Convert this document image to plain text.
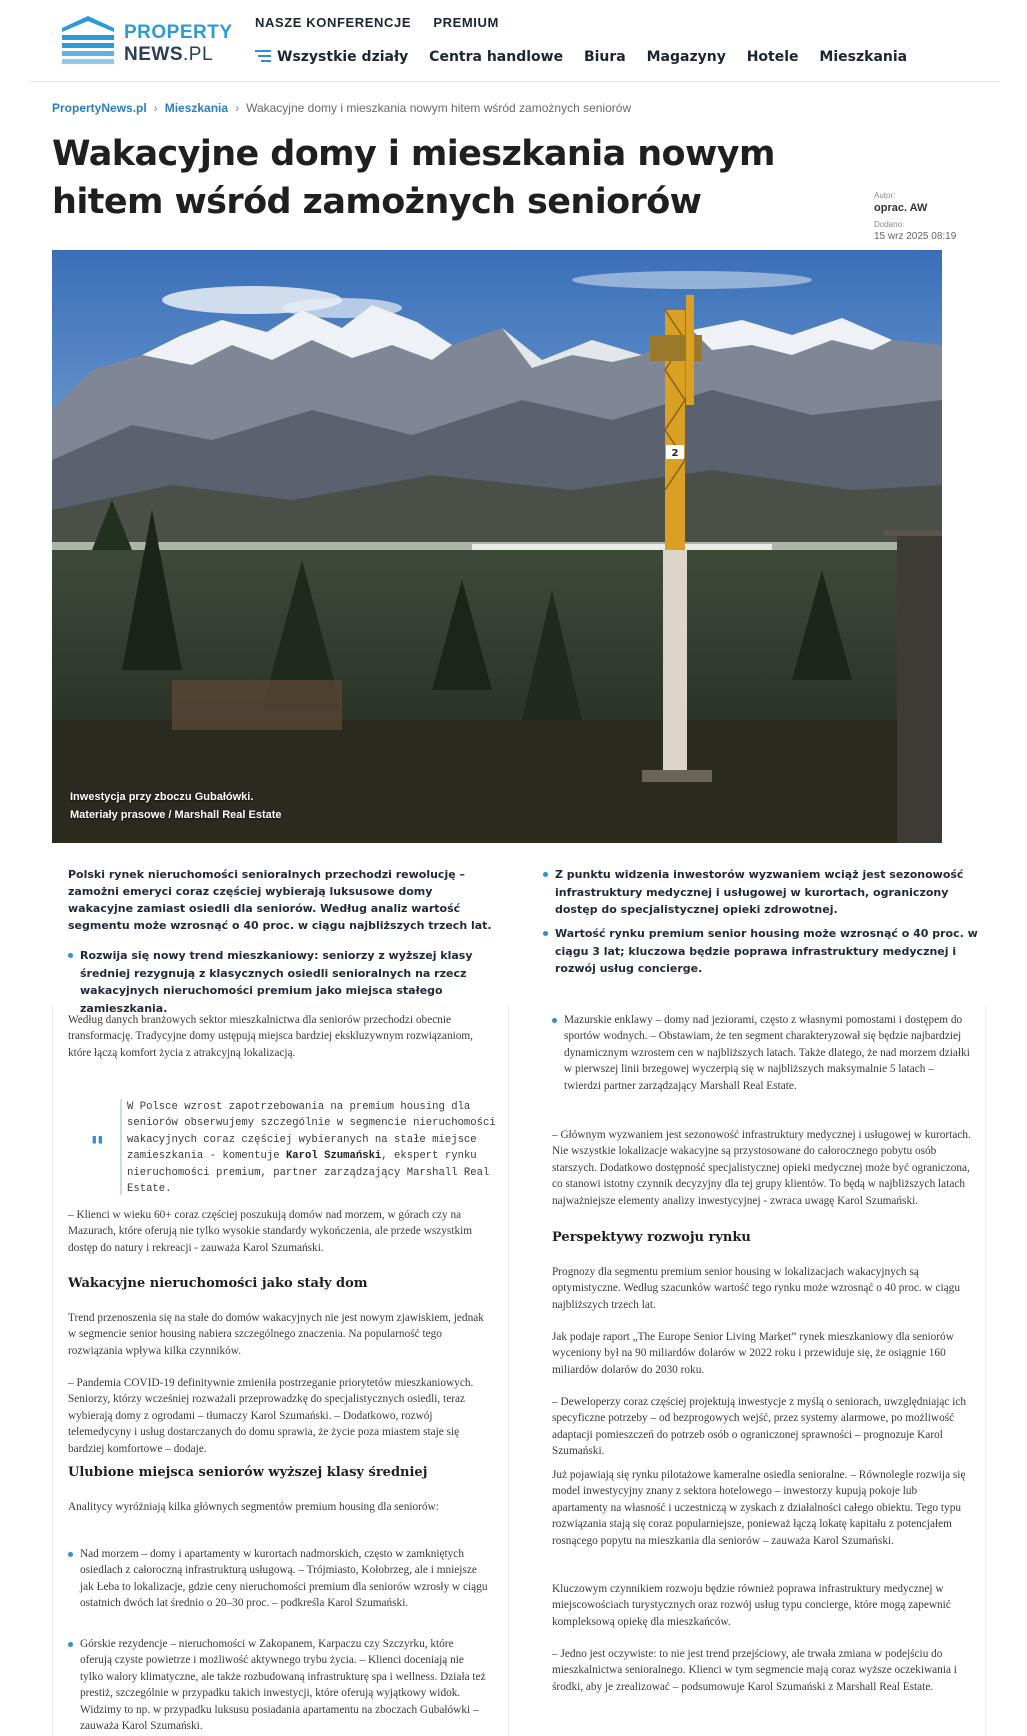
PROPERTY
NEWS.PL
NASZE KONFERENCJE PREMIUM
Wszystkie działy Centra handlowe Biura Magazyny Hotele Mieszkania
PropertyNews.pl › Mieszkania › Wakacyjne domy i mieszkania nowym hitem wśród zamożnych seniorów
Wakacyjne domy i mieszkania nowym hitem wśród zamożnych seniorów	Autor:
oprac. AW
Dodano:
15 wrz 2025 08:19
2
Inwestycja przy zboczu Gubałówki.
Materiały prasowe / Marshall Real Estate
Polski rynek nieruchomości senioralnych przechodzi rewolucję – zamożni emeryci coraz częściej wybierają luksusowe domy wakacyjne zamiast osiedli dla seniorów. Według analiz wartość segmentu może wzrosnąć o 40 proc. w ciągu najbliższych trzech lat.
Rozwija się nowy trend mieszkaniowy: seniorzy z wyższej klasy średniej rezygnują z klasycznych osiedli senioralnych na rzecz wakacyjnych nieruchomości premium jako miejsca stałego zamieszkania.
Z punktu widzenia inwestorów wyzwaniem wciąż jest sezonowość infrastruktury medycznej i usługowej w kurortach, ograniczony dostęp do specjalistycznej opieki zdrowotnej.
Wartość rynku premium senior housing może wzrosnąć o 40 proc. w ciągu 3 lat; kluczowa będzie poprawa infrastruktury medycznej i rozwój usług concierge.
Według danych branżowych sektor mieszkalnictwa dla seniorów przechodzi obecnie transformację. Tradycyjne domy ustępują miejsca bardziej ekskluzywnym rozwiązaniom, które łączą komfort życia z atrakcyjną lokalizacją.
"
W Polsce wzrost zapotrzebowania na premium housing dla seniorów obserwujemy szczególnie w segmencie nieruchomości wakacyjnych coraz częściej wybieranych na stałe miejsce zamieszkania - komentuje Karol Szumański, ekspert rynku nieruchomości premium, partner zarządzający Marshall Real Estate.
– Klienci w wieku 60+ coraz częściej poszukują domów nad morzem, w górach czy na Mazurach, które oferują nie tylko wysokie standardy wykończenia, ale przede wszystkim dostęp do natury i rekreacji - zauważa Karol Szumański.
Wakacyjne nieruchomości jako stały dom
Trend przenoszenia się na stałe do domów wakacyjnych nie jest nowym zjawiskiem, jednak w segmencie senior housing nabiera szczególnego znaczenia. Na popularność tego rozwiązania wpływa kilka czynników.
– Pandemia COVID-19 definitywnie zmieniła postrzeganie priorytetów mieszkaniowych. Seniorzy, którzy wcześniej rozważali przeprowadzkę do specjalistycznych osiedli, teraz wybierają domy z ogrodami – tłumaczy Karol Szumański. – Dodatkowo, rozwój telemedycyny i usług dostarczanych do domu sprawia, że życie poza miastem staje się bardziej komfortowe – dodaje.
Ulubione miejsca seniorów wyższej klasy średniej
Analitycy wyróżniają kilka głównych segmentów premium housing dla seniorów:
Nad morzem – domy i apartamenty w kurortach nadmorskich, często w zamkniętych osiedlach z całoroczną infrastrukturą usługową. – Trójmiasto, Kołobrzeg, ale i mniejsze jak Łeba to lokalizacje, gdzie ceny nieruchomości premium dla seniorów wzrosły w ciągu ostatnich dwóch lat średnio o 20–30 proc. – podkreśla Karol Szumański.
Górskie rezydencje – nieruchomości w Zakopanem, Karpaczu czy Szczyrku, które oferują czyste powietrze i możliwość aktywnego trybu życia. – Klienci doceniają nie tylko walory klimatyczne, ale także rozbudowaną infrastrukturę spa i wellness. Działa też prestiż, szczególnie w przypadku takich inwestycji, które oferują wyjątkowy widok. Widzimy to np. w przypadku luksusu posiadania apartamentu na zboczach Gubałówki – zauważa Karol Szumański.
Mazurskie enklawy – domy nad jeziorami, często z własnymi pomostami i dostępem do sportów wodnych. – Obstawiam, że ten segment charakteryzował się będzie najbardziej dynamicznym wzrostem cen w najbliższych latach. Także dlatego, że nad morzem działki w pierwszej linii brzegowej wyczerpią się w najbliższych maksymalnie 5 latach – twierdzi partner zarządzający Marshall Real Estate.
– Głównym wyzwaniem jest sezonowość infrastruktury medycznej i usługowej w kurortach. Nie wszystkie lokalizacje wakacyjne są przystosowane do całorocznego pobytu osób starszych. Dodatkowo dostępność specjalistycznej opieki medycznej może być ograniczona, co stanowi istotny czynnik decyzyjny dla tej grupy klientów. To będą w najbliższych latach najważniejsze elementy analizy inwestycyjnej - zwraca uwagę Karol Szumański.
Perspektywy rozwoju rynku
Prognozy dla segmentu premium senior housing w lokalizacjach wakacyjnych są optymistyczne. Według szacunków wartość tego rynku może wzrosnąć o 40 proc. w ciągu najbliższych trzech lat.
Jak podaje raport „The Europe Senior Living Market” rynek mieszkaniowy dla seniorów wyceniony był na 90 miliardów dolarów w 2022 roku i przewiduje się, że osiągnie 160 miliardów dolarów do 2030 roku.
– Deweloperzy coraz częściej projektują inwestycje z myślą o seniorach, uwzględniając ich specyficzne potrzeby – od bezprogowych wejść, przez systemy alarmowe, po możliwość adaptacji pomieszczeń do potrzeb osób o ograniczonej sprawności – prognozuje Karol Szumański.
Już pojawiają się rynku pilotażowe kameralne osiedla senioralne. – Równolegle rozwija się model inwestycyjny znany z sektora hotelowego – inwestorzy kupują pokoje lub apartamenty na własność i uczestniczą w zyskach z działalności całego obiektu. Tego typu rozwiązania stają się coraz popularniejsze, ponieważ łączą lokatę kapitału z potencjałem rosnącego popytu na mieszkania dla seniorów – zauważa Karol Szumański.
Kluczowym czynnikiem rozwoju będzie również poprawa infrastruktury medycznej w miejscowościach turystycznych oraz rozwój usług typu concierge, które mogą zapewnić kompleksową opiekę dla mieszkańców.
– Jedno jest oczywiste: to nie jest trend przejściowy, ale trwała zmiana w podejściu do mieszkalnictwa senioralnego. Klienci w tym segmencie mają coraz wyższe oczekiwania i środki, aby je zrealizować – podsumowuje Karol Szumański z Marshall Real Estate.
